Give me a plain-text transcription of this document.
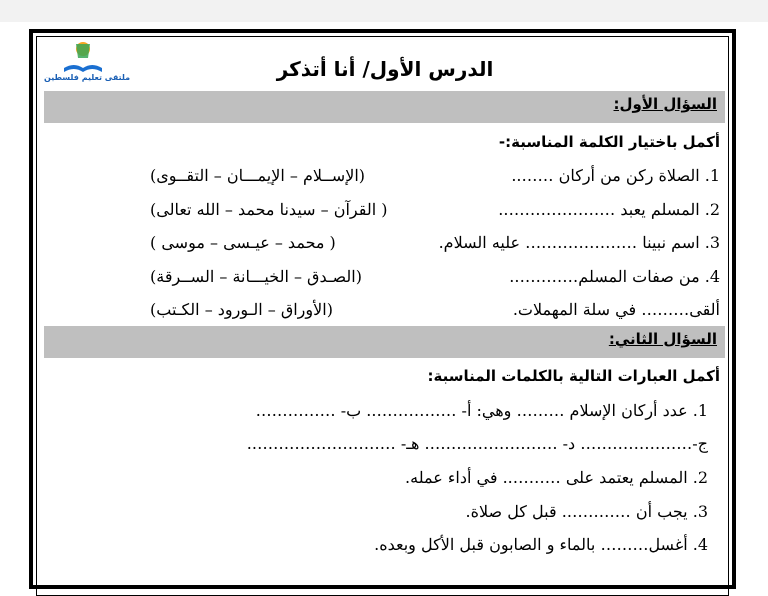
ملتقى تعليم فلسطين	الدرس الأول/ أنا أتذكر
السؤال الأول:
أكمل باختيار الكلمة المناسبة:-
1. الصلاة ركن من أركان ……..
(الإســلام – الإيمـــان – التقــوى)
2. المسلم يعبد ………………….
( القرآن – سيدنا محمد – الله تعالى)
3. اسم نبينا ………………… عليه السلام.
( محمد – عيـسى – موسى )
4. من صفات المسلم………….
(الصـدق – الخيـــانة – الســرقة)
ألقى……… في سلة المهملات.
(الأوراق – الـورود – الكـتب)
السؤال الثاني:
أكمل العبارات التالية بالكلمات المناسبة:
1. عدد أركان الإسلام ……… وهي: أ- …………….. ب- ……………
ج-………………… د- ……………………. هـ- ……………………….
2. المسلم يعتمد على ……….. في أداء عمله.
3. يجب أن …………. قبل كل صلاة.
4. أغسل……… بالماء و الصابون قبل الأكل وبعده.
